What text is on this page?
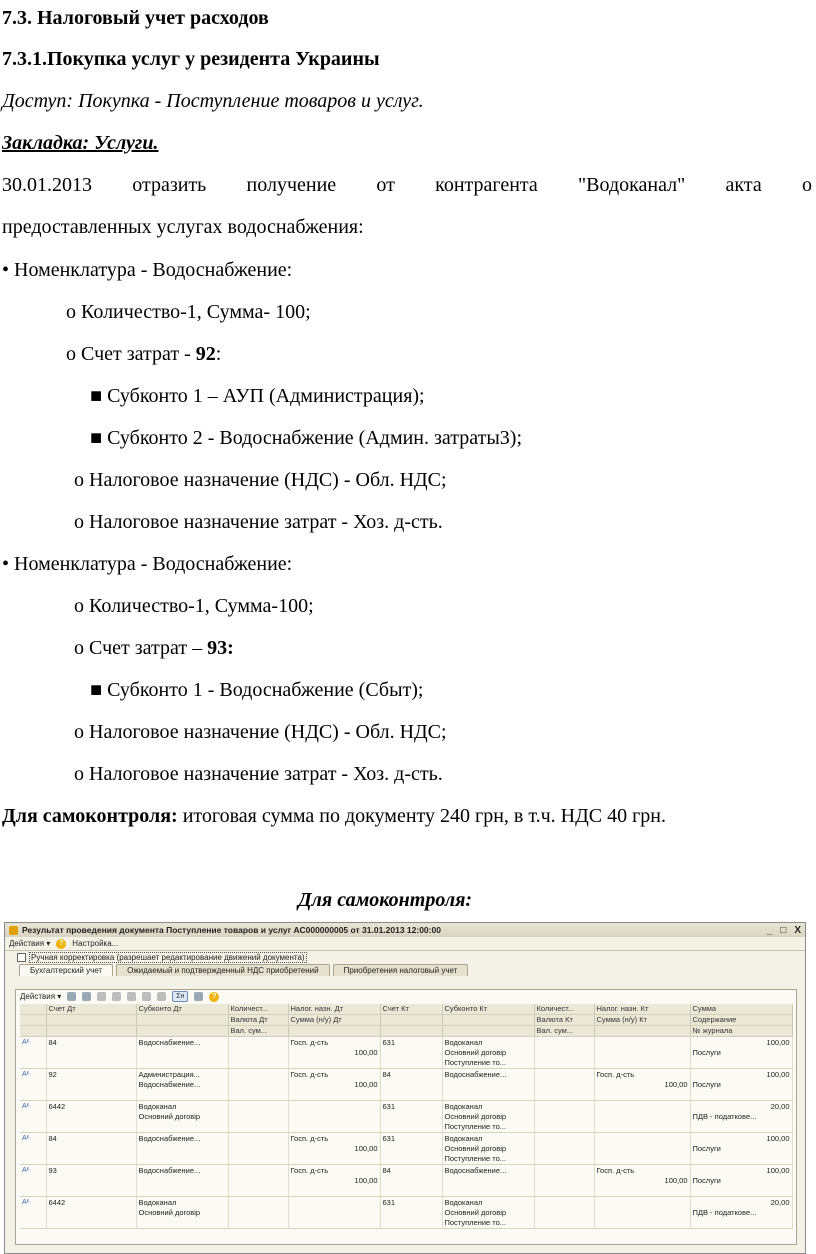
7.3. Налоговый учет расходов
7.3.1.Покупка услуг у резидента Украины
Доступ: Покупка - Поступление товаров и услуг.
Закладка: Услуги.
30.01.2013 отразить получение от контрагента "Водоканал" акта о
предоставленных услугах водоснабжения:
• Номенклатура - Водоснабжение:
o Количество-1, Сумма- 100;
o Счет затрат - 92:
■ Субконто 1 – АУП (Администрация);
■ Субконто 2 - Водоснабжение (Админ. затраты3);
o Налоговое назначение (НДС) - Обл. НДС;
o Налоговое назначение затрат - Хоз. д-сть.
• Номенклатура - Водоснабжение:
o Количество-1, Сумма-100;
o Счет затрат – 93:
■ Субконто 1 - Водоснабжение (Сбыт);
o Налоговое назначение (НДС) - Обл. НДС;
o Налоговое назначение затрат - Хоз. д-сть.
Для самоконтроля: итоговая сумма по документу 240 грн, в т.ч. НДС 40 грн.
Для самоконтроля:
Результат проведения документа Поступление товаров и услуг АС000000005 от 31.01.2013 12:00:00	_ □ X
Действия ▾	?	Настройка...
Ручная корректировка (разрешает редактирование движений документа)
Бухгалтерский учет	Ожидаемый и подтвержденный НДС приобретений	Приобретения налоговый учет
Действия ▾	Σн	?
	Счет Дт	Субконто Дт	Количест...	Налог. назн. Дт	Счет Кт	Субконто Кт	Количест...	Налог. назн. Кт	Сумма
			Валюта Дт	Сумма (н/у) Дт			Валюта Кт	Сумма (н/у) Кт	Содержание
			Вал. сум...				Вал. сум...		№ журнала
Aᵏ	84	Водоснабжение...		Госп. д-сть	631	Водоканал			100,00
				100,00		Основний договір			Послуги
						Поступление то...			
Aᵏ	92	Администрация...		Госп. д-сть	84	Водоснабжение...		Госп. д-сть	100,00
		Водоснабжение...		100,00				100,00	Послуги

Aᵏ	6442	Водоканал			631	Водоканал			20,00
		Основний договір				Основний договір			ПДВ - податкове...
						Поступление то...			
Aᵏ	84	Водоснабжение...		Госп. д-сть	631	Водоканал			100,00
				100,00		Основний договір			Послуги
						Поступление то...			
Aᵏ	93	Водоснабжение...		Госп. д-сть	84	Водоснабжение...		Госп. д-сть	100,00
				100,00				100,00	Послуги

Aᵏ	6442	Водоканал			631	Водоканал			20,00
		Основний договір				Основний договір			ПДВ - податкове...
						Поступление то...			
